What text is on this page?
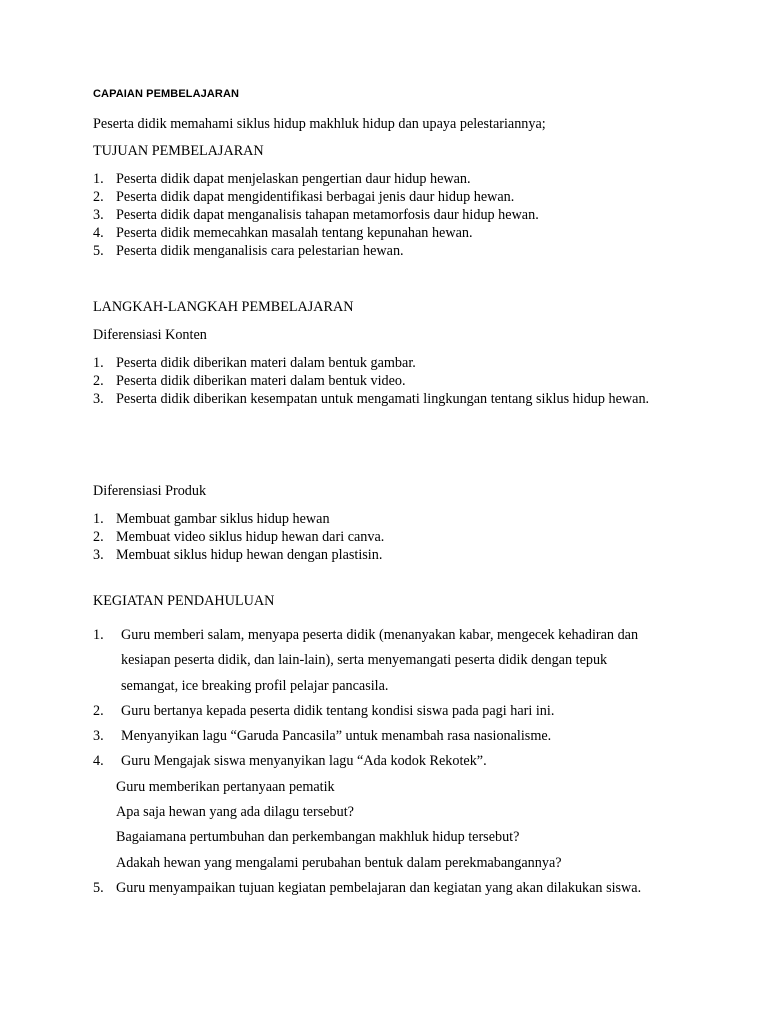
CAPAIAN PEMBELAJARAN
Peserta didik memahami siklus hidup makhluk hidup dan upaya pelestariannya;
TUJUAN PEMBELAJARAN
1. Peserta didik dapat menjelaskan pengertian daur hidup hewan.
2. Peserta didik dapat mengidentifikasi berbagai jenis daur hidup hewan.
3. Peserta didik dapat menganalisis tahapan metamorfosis daur hidup hewan.
4. Peserta didik memecahkan masalah tentang kepunahan hewan.
5. Peserta didik menganalisis cara pelestarian hewan.
LANGKAH-LANGKAH PEMBELAJARAN
Diferensiasi Konten
1. Peserta didik diberikan materi dalam bentuk gambar.
2. Peserta didik diberikan materi dalam bentuk video.
3. Peserta didik diberikan kesempatan untuk mengamati lingkungan tentang siklus hidup hewan.
Diferensiasi Produk
1. Membuat gambar siklus hidup hewan
2. Membuat video siklus hidup hewan dari canva.
3. Membuat siklus hidup hewan dengan plastisin.
KEGIATAN PENDAHULUAN
1.	Guru memberi salam, menyapa peserta didik (menanyakan kabar, mengecek kehadiran dan kesiapan peserta didik, dan lain-lain), serta menyemangati peserta didik dengan tepuk semangat, ice breaking profil pelajar pancasila.
2.	Guru bertanya kepada peserta didik tentang kondisi siswa pada pagi hari ini.
3.	Menyanyikan lagu “Garuda Pancasila” untuk menambah rasa nasionalisme.
4.	Guru Mengajak siswa menyanyikan lagu “Ada kodok Rekotek”.
Guru memberikan pertanyaan pematik
Apa saja hewan yang ada dilagu tersebut?
Bagaiamana pertumbuhan dan perkembangan makhluk hidup tersebut?
Adakah hewan yang mengalami perubahan bentuk dalam perekmabangannya?
5. Guru menyampaikan tujuan kegiatan pembelajaran dan kegiatan yang akan dilakukan siswa.
